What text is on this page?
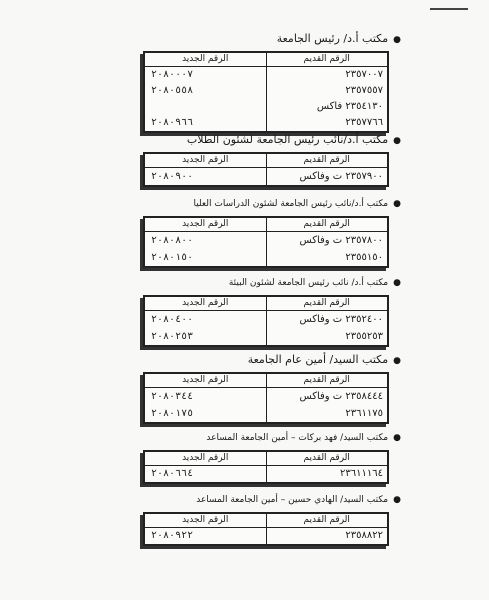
●مكتب أ.د/ رئيس الجامعة
الرقم القديم
٢٣٥٧٠٠٧
٢٣٥٧٥٥٧
٢٣٥٤١٣٠ فاكس
٢٣٥٧٧٦٦
الرقم الجديد
٢٠٨٠٠٠٧
٢٠٨٠٥٥٨
٢٠٨٠٩٦٦
●مكتب أ.د/نائب رئيس الجامعة لشئون الطلاب
الرقم القديم
٢٣٥٧٩٠٠ ت وفاكس
الرقم الجديد
٢٠٨٠٩٠٠
●مكتب أ.د/نائب رئيس الجامعة لشئون الدراسات العليا
الرقم القديم
٢٣٥٧٨٠٠ ت وفاكس
٢٣٥٥١٥٠
الرقم الجديد
٢٠٨٠٨٠٠
٢٠٨٠١٥٠
●مكتب أ.د/ نائب رئيس الجامعة لشئون البيئة
الرقم القديم
٢٣٥٢٤٠٠ ت وفاكس
٢٣٥٥٢٥٣
الرقم الجديد
٢٠٨٠٤٠٠
٢٠٨٠٢٥٣
●مكتب السيد/ أمين عام الجامعة
الرقم القديم
٢٣٥٨٤٤٤ ت وفاكس
٢٣٦١١٧٥
الرقم الجديد
٢٠٨٠٣٤٤
٢٠٨٠١٧٥
●مكتب السيد/ فهد بركات – أمين الجامعة المساعد
الرقم القديم
٢٣٦١١١٦٤
الرقم الجديد
٢٠٨٠٦٦٤
●مكتب السيد/ الهادي حسين – أمين الجامعة المساعد
الرقم القديم
٢٣٥٨٨٢٢
الرقم الجديد
٢٠٨٠٩٢٢
